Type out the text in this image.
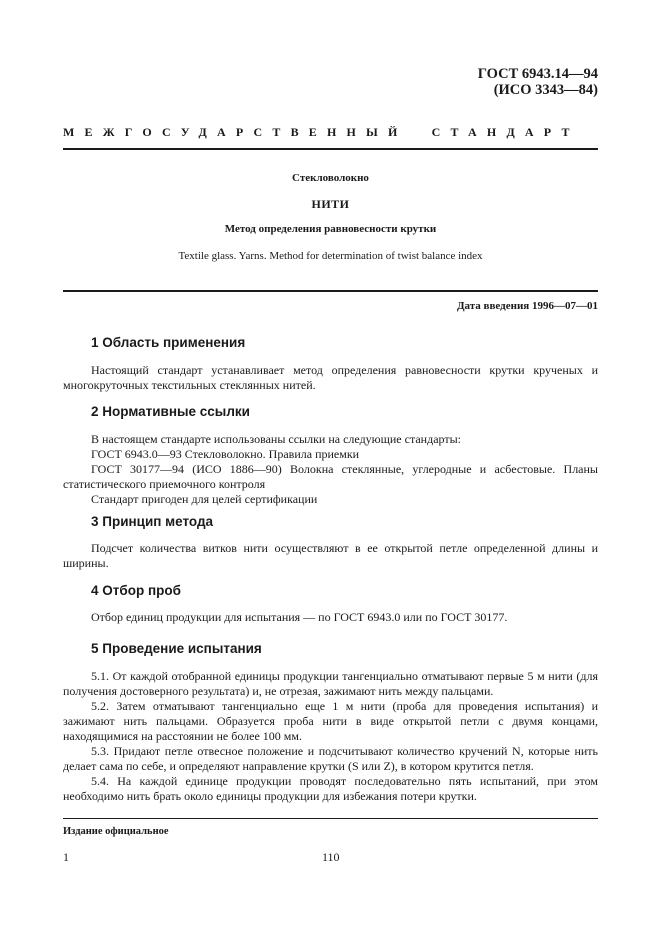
ГОСТ 6943.14—94
(ИСО 3343—84)
МЕЖГОСУДАРСТВЕННЫЙ СТАНДАРТ
Стекловолокно
НИТИ
Метод определения равновесности крутки
Textile glass. Yarns. Method for determination of twist balance index
Дата введения 1996—07—01
1 Область применения

Настоящий стандарт устанавливает метод определения равновесности крутки крученых и многокруточных текстильных стеклянных нитей.

2 Нормативные ссылки

В настоящем стандарте использованы ссылки на следующие стандарты:

ГОСТ 6943.0—93 Стекловолокно. Правила приемки

ГОСТ 30177—94 (ИСО 1886—90) Волокна стеклянные, углеродные и асбестовые. Планы статистического приемочного контроля

Стандарт пригоден для целей сертификации

3 Принцип метода

Подсчет количества витков нити осуществляют в ее открытой петле определенной длины и ширины.

4 Отбор проб

Отбор единиц продукции для испытания — по ГОСТ 6943.0 или по ГОСТ 30177.

5 Проведение испытания

5.1. От каждой отобранной единицы продукции тангенциально отматывают первые 5 м нити (для получения достоверного результата) и, не отрезая, зажимают нить между пальцами.

5.2. Затем отматывают тангенциально еще 1 м нити (проба для проведения испытания) и зажимают нить пальцами. Образуется проба нити в виде открытой петли с двумя концами, находящимися на расстоянии не более 100 мм.

5.3. Придают петле отвесное положение и подсчитывают количество кручений N, которые нить делает сама по себе, и определяют направление крутки (S или Z), в котором крутится петля.

5.4. На каждой единице продукции проводят последовательно пять испытаний, при этом необходимо нить брать около единицы продукции для избежания потери крутки.

Издание официальное
1	110
